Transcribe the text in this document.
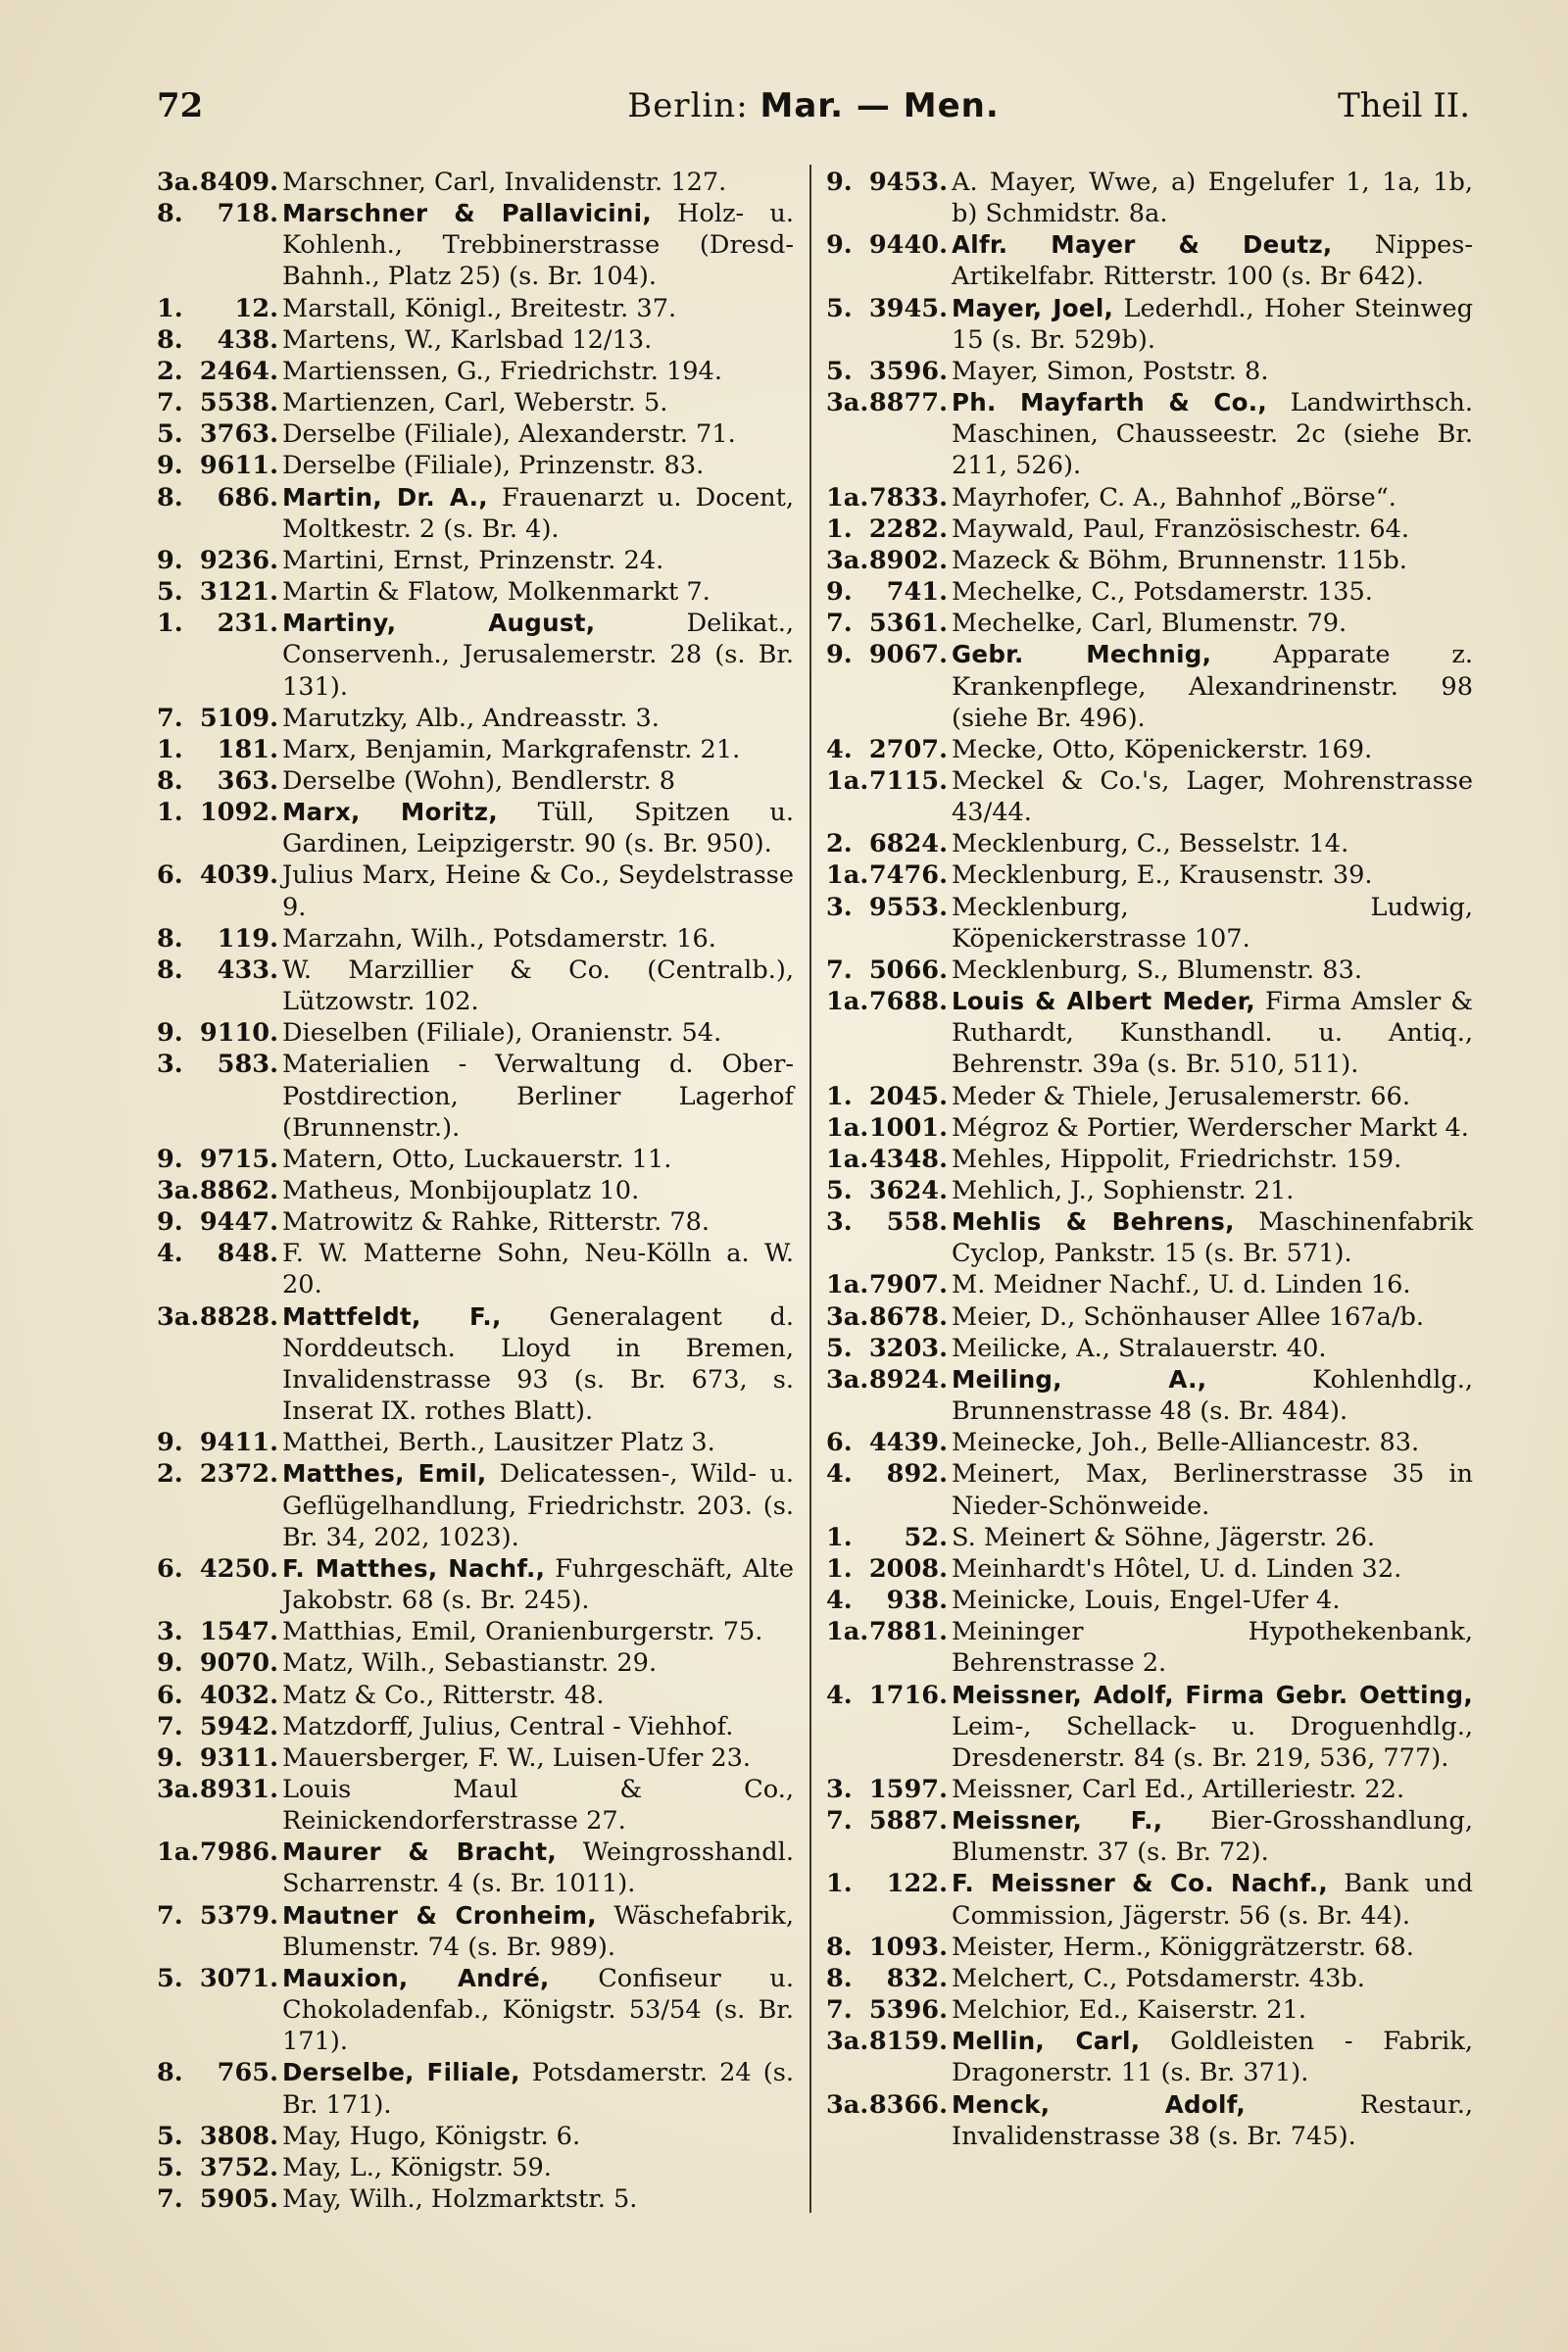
72	Berlin: Mar. — Men.	Theil II.
3a.8409. Marschner, Carl, Invalidenstr. 127.
8. 718. Marschner & Pallavicini, Holz- u. Kohlenh., Trebbinerstrasse (Dresd- Bahnh., Platz 25) (s. Br. 104).
1. 12. Marstall, Königl., Breitestr. 37.
8. 438. Martens, W., Karlsbad 12/13.
2. 2464. Martienssen, G., Friedrichstr. 194.
7. 5538. Martienzen, Carl, Weberstr. 5.
5. 3763. Derselbe (Filiale), Alexanderstr. 71.
9. 9611. Derselbe (Filiale), Prinzenstr. 83.
8. 686. Martin, Dr. A., Frauenarzt u. Docent, Moltkestr. 2 (s. Br. 4).
9. 9236. Martini, Ernst, Prinzenstr. 24.
5. 3121. Martin & Flatow, Molkenmarkt 7.
1. 231. Martiny, August, Delikat., Conservenh., Jerusalemerstr. 28 (s. Br. 131).
7. 5109. Marutzky, Alb., Andreasstr. 3.
1. 181. Marx, Benjamin, Markgrafenstr. 21.
8. 363. Derselbe (Wohn), Bendlerstr. 8
1. 1092. Marx, Moritz, Tüll, Spitzen u. Gardinen, Leipzigerstr. 90 (s. Br. 950).
6. 4039. Julius Marx, Heine & Co., Seydelstrasse 9.
8. 119. Marzahn, Wilh., Potsdamerstr. 16.
8. 433. W. Marzillier & Co. (Centralb.), Lützowstr. 102.
9. 9110. Dieselben (Filiale), Oranienstr. 54.
3. 583. Materialien - Verwaltung d. Ober-Postdirection, Berliner Lagerhof (Brunnenstr.).
9. 9715. Matern, Otto, Luckauerstr. 11.
3a.8862. Matheus, Monbijouplatz 10.
9. 9447. Matrowitz & Rahke, Ritterstr. 78.
4. 848. F. W. Matterne Sohn, Neu-Kölln a. W. 20.
3a.8828. Mattfeldt, F., Generalagent d. Norddeutsch. Lloyd in Bremen, Invalidenstrasse 93 (s. Br. 673, s. Inserat IX. rothes Blatt).
9. 9411. Matthei, Berth., Lausitzer Platz 3.
2. 2372. Matthes, Emil, Delicatessen-, Wild- u. Geflügelhandlung, Friedrichstr. 203. (s. Br. 34, 202, 1023).
6. 4250. F. Matthes, Nachf., Fuhrgeschäft, Alte Jakobstr. 68 (s. Br. 245).
3. 1547. Matthias, Emil, Oranienburgerstr. 75.
9. 9070. Matz, Wilh., Sebastianstr. 29.
6. 4032. Matz & Co., Ritterstr. 48.
7. 5942. Matzdorff, Julius, Central - Viehhof.
9. 9311. Mauersberger, F. W., Luisen-Ufer 23.
3a.8931. Louis Maul & Co., Reinickendorferstrasse 27.
1a.7986. Maurer & Bracht, Weingrosshandl. Scharrenstr. 4 (s. Br. 1011).
7. 5379. Mautner & Cronheim, Wäschefabrik, Blumenstr. 74 (s. Br. 989).
5. 3071. Mauxion, André, Confiseur u. Chokoladenfab., Königstr. 53/54 (s. Br. 171).
8. 765. Derselbe, Filiale, Potsdamerstr. 24 (s. Br. 171).
5. 3808. May, Hugo, Königstr. 6.
5. 3752. May, L., Königstr. 59.
7. 5905. May, Wilh., Holzmarktstr. 5.
9. 9453. A. Mayer, Wwe, a) Engelufer 1, 1a, 1b, b) Schmidstr. 8a.
9. 9440. Alfr. Mayer & Deutz, Nippes-Artikelfabr. Ritterstr. 100 (s. Br 642).
5. 3945. Mayer, Joel, Lederhdl., Hoher Steinweg 15 (s. Br. 529b).
5. 3596. Mayer, Simon, Poststr. 8.
3a.8877. Ph. Mayfarth & Co., Landwirthsch. Maschinen, Chausseestr. 2c (siehe Br. 211, 526).
1a.7833. Mayrhofer, C. A., Bahnhof „Börse“.
1. 2282. Maywald, Paul, Französischestr. 64.
3a.8902. Mazeck & Böhm, Brunnenstr. 115b.
9. 741. Mechelke, C., Potsdamerstr. 135.
7. 5361. Mechelke, Carl, Blumenstr. 79.
9. 9067. Gebr. Mechnig, Apparate z. Krankenpflege, Alexandrinenstr. 98 (siehe Br. 496).
4. 2707. Mecke, Otto, Köpenickerstr. 169.
1a.7115. Meckel & Co.'s, Lager, Mohrenstrasse 43/44.
2. 6824. Mecklenburg, C., Besselstr. 14.
1a.7476. Mecklenburg, E., Krausenstr. 39.
3. 9553. Mecklenburg, Ludwig, Köpenickerstrasse 107.
7. 5066. Mecklenburg, S., Blumenstr. 83.
1a.7688. Louis & Albert Meder, Firma Amsler & Ruthardt, Kunsthandl. u. Antiq., Behrenstr. 39a (s. Br. 510, 511).
1. 2045. Meder & Thiele, Jerusalemerstr. 66.
1a.1001. Mégroz & Portier, Werderscher Markt 4.
1a.4348. Mehles, Hippolit, Friedrichstr. 159.
5. 3624. Mehlich, J., Sophienstr. 21.
3. 558. Mehlis & Behrens, Maschinenfabrik Cyclop, Pankstr. 15 (s. Br. 571).
1a.7907. M. Meidner Nachf., U. d. Linden 16.
3a.8678. Meier, D., Schönhauser Allee 167a/b.
5. 3203. Meilicke, A., Stralauerstr. 40.
3a.8924. Meiling, A., Kohlenhdlg., Brunnenstrasse 48 (s. Br. 484).
6. 4439. Meinecke, Joh., Belle-Alliancestr. 83.
4. 892. Meinert, Max, Berlinerstrasse 35 in Nieder-Schönweide.
1. 52. S. Meinert & Söhne, Jägerstr. 26.
1. 2008. Meinhardt's Hôtel, U. d. Linden 32.
4. 938. Meinicke, Louis, Engel-Ufer 4.
1a.7881. Meininger Hypothekenbank, Behrenstrasse 2.
4. 1716. Meissner, Adolf, Firma Gebr. Oetting, Leim-, Schellack- u. Droguenhdlg., Dresdenerstr. 84 (s. Br. 219, 536, 777).
3. 1597. Meissner, Carl Ed., Artilleriestr. 22.
7. 5887. Meissner, F., Bier-Grosshandlung, Blumenstr. 37 (s. Br. 72).
1. 122. F. Meissner & Co. Nachf., Bank und Commission, Jägerstr. 56 (s. Br. 44).
8. 1093. Meister, Herm., Königgrätzerstr. 68.
8. 832. Melchert, C., Potsdamerstr. 43b.
7. 5396. Melchior, Ed., Kaiserstr. 21.
3a.8159. Mellin, Carl, Goldleisten - Fabrik, Dragonerstr. 11 (s. Br. 371).
3a.8366. Menck, Adolf, Restaur., Invalidenstrasse 38 (s. Br. 745).
